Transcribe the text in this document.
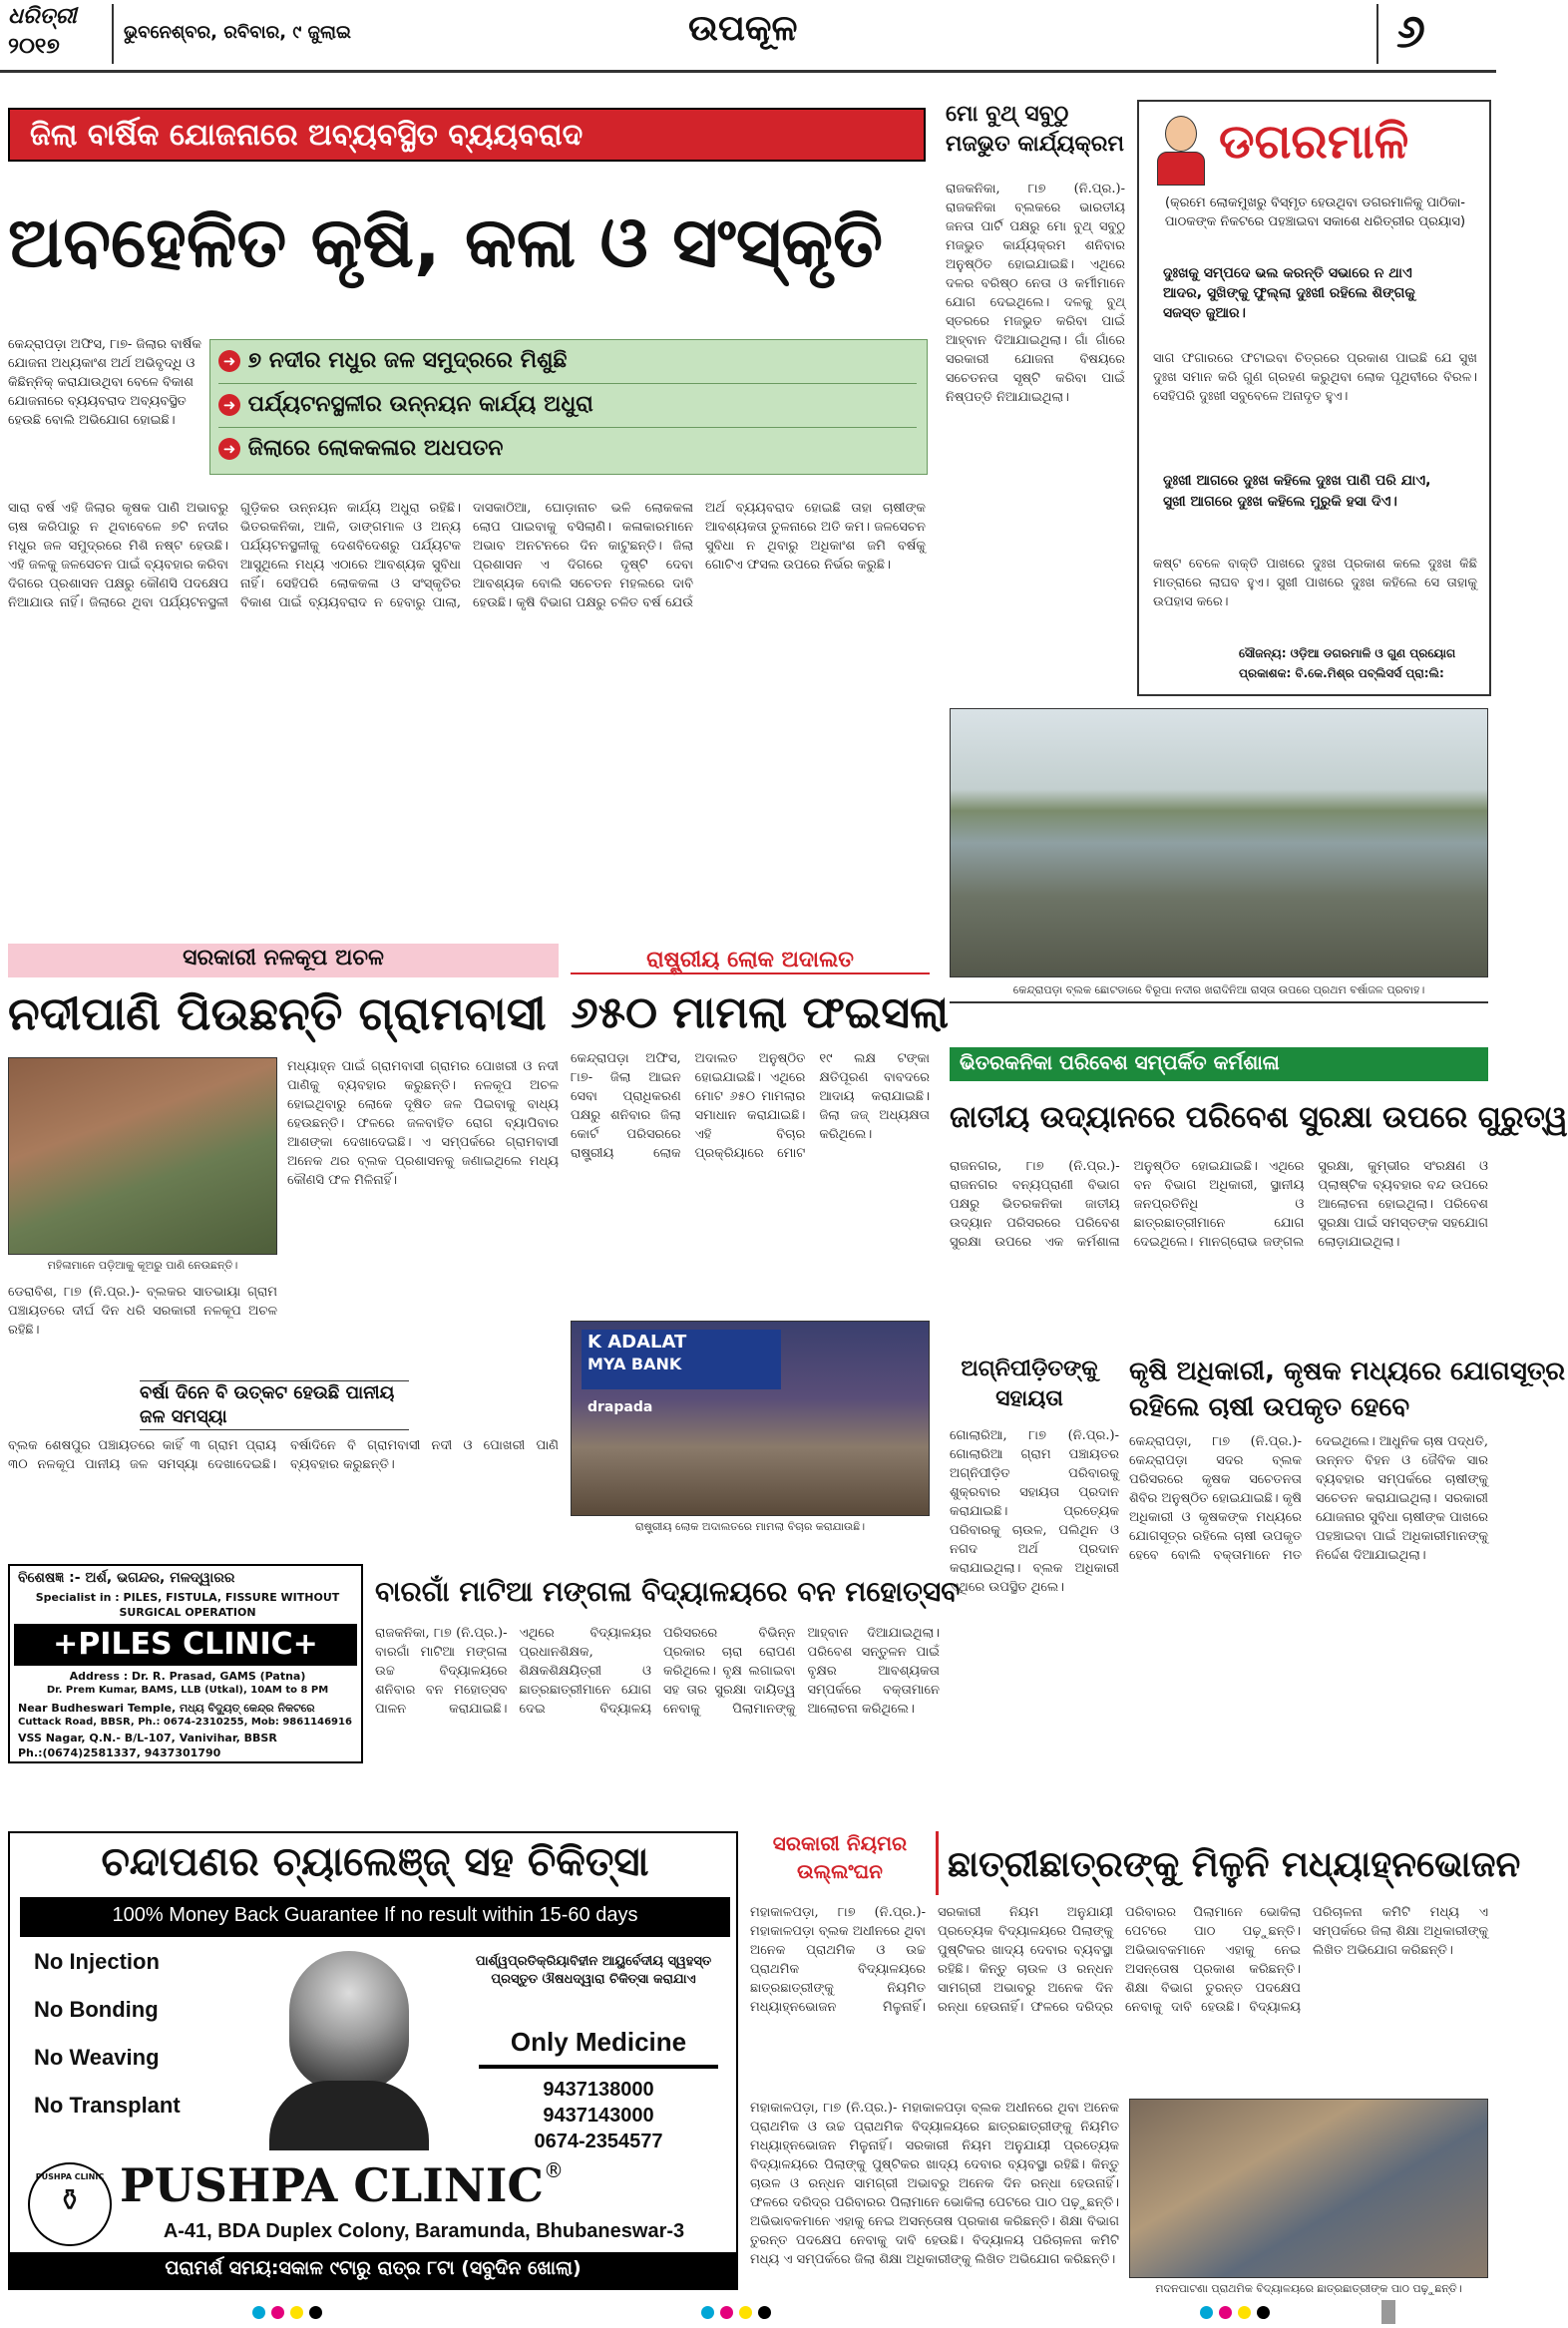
ଧରିତ୍ରୀ
୨୦୧୭
ଭୁବନେଶ୍ବର, ରବିବାର, ୯ ଜୁଲାଇ	ଉପକୂଳ	୬
ଜିଲା ବାର୍ଷିକ ଯୋଜନାରେ ଅବ୍ୟବସ୍ଥିତ ବ୍ୟୟବରାଦ
ଅବହେଳିତ କୃଷି, କଳା ଓ ସଂସ୍କୃତି
କେନ୍ଦ୍ରାପଡ଼ା ଅଫିସ, ୮ା୭- ଜିଲାର ବାର୍ଷିକ ଯୋଜନା ଅଧ୍ୟକାଂଶ ଅର୍ଥ ଅଭିବୃଦ୍ଧି ଓ କିଛିନ୍ନିକ୍ କରାଯାଉଥିବା ବେଳେ ବିକାଶ ଯୋଜନାରେ ବ୍ୟୟବରାଦ ଅବ୍ୟବସ୍ଥିତ ହେଉଛି ବୋଲି ଅଭିଯୋଗ ହୋଇଛି।
➜ ୭ ନଦୀର ମଧୁର ଜଳ ସମୁଦ୍ରରେ ମିଶୁଛି
➜ ପର୍ଯ୍ୟଟନସ୍ଥଳୀର ଉନ୍ନୟନ କାର୍ଯ୍ୟ ଅଧୁରା
➜ ଜିଲାରେ ଲୋକକଳାର ଅଧପତନ
ସାରା ବର୍ଷ ଏହି ଜିଲାର କୃଷକ ପାଣି ଅଭାବରୁ ଚାଷ କରିପାରୁ ନ ଥିବାବେଳେ ୭ଟି ନଦୀର ମଧୁର ଜଳ ସମୁଦ୍ରରେ ମିଶି ନଷ୍ଟ ହେଉଛି। ଏହି ଜଳକୁ ଜଳସେଚନ ପାଇଁ ବ୍ୟବହାର କରିବା ଦିଗରେ ପ୍ରଶାସନ ପକ୍ଷରୁ କୌଣସି ପଦକ୍ଷେପ ନିଆଯାଉ ନାହିଁ। ଜିଲାରେ ଥିବା ପର୍ଯ୍ୟଟନସ୍ଥଳୀ ଗୁଡ଼ିକର ଉନ୍ନୟନ କାର୍ଯ୍ୟ ଅଧୁରା ରହିଛି। ଭିତରକନିକା, ଆଳି, ଡାଙ୍ଗମାଳ ଓ ଅନ୍ୟ ପର୍ଯ୍ୟଟନସ୍ଥଳୀକୁ ଦେଶବିଦେଶରୁ ପର୍ଯ୍ୟଟକ ଆସୁଥିଲେ ମଧ୍ୟ ଏଠାରେ ଆବଶ୍ୟକ ସୁବିଧା ନାହିଁ। ସେହିପରି ଲୋକକଳା ଓ ସଂସ୍କୃତିର ବିକାଶ ପାଇଁ ବ୍ୟୟବରାଦ ନ ହେବାରୁ ପାଲା, ଦାସକାଠିଆ, ଘୋଡ଼ାନାଚ ଭଳି ଲୋକକଳା ଲୋପ ପାଇବାକୁ ବସିଲାଣି। କଳାକାରମାନେ ଅଭାବ ଅନଟନରେ ଦିନ କାଟୁଛନ୍ତି। ଜିଲା ପ୍ରଶାସନ ଏ ଦିଗରେ ଦୃଷ୍ଟି ଦେବା ଆବଶ୍ୟକ ବୋଲି ସଚେତନ ମହଲରେ ଦାବି ହେଉଛି। କୃଷି ବିଭାଗ ପକ୍ଷରୁ ଚଳିତ ବର୍ଷ ଯେଉଁ ଅର୍ଥ ବ୍ୟୟବରାଦ ହୋଇଛି ତାହା ଚାଷୀଙ୍କ ଆବଶ୍ୟକତା ତୁଳନାରେ ଅତି କମ। ଜଳସେଚନ ସୁବିଧା ନ ଥିବାରୁ ଅଧିକାଂଶ ଜମି ବର୍ଷକୁ ଗୋଟିଏ ଫସଲ ଉପରେ ନିର୍ଭର କରୁଛି।
ମୋ ବୁଥ୍ ସବୁଠୁ ମଜଭୁତ କାର୍ଯ୍ୟକ୍ରମ
ରାଜକନିକା, ୮ା୭ (ନି.ପ୍ର.)- ରାଜକନିକା ବ୍ଲକରେ ଭାରତୀୟ ଜନତା ପାର୍ଟି ପକ୍ଷରୁ ମୋ ବୁଥ୍ ସବୁଠୁ ମଜଭୁତ କାର୍ଯ୍ୟକ୍ରମ ଶନିବାର ଅନୁଷ୍ଠିତ ହୋଇଯାଇଛି। ଏଥିରେ ଦଳର ବରିଷ୍ଠ ନେତା ଓ କର୍ମୀମାନେ ଯୋଗ ଦେଇଥିଲେ। ଦଳକୁ ବୁଥ୍ ସ୍ତରରେ ମଜଭୁତ କରିବା ପାଇଁ ଆହ୍ବାନ ଦିଆଯାଇଥିଲା। ଗାଁ ଗାଁରେ ସରକାରୀ ଯୋଜନା ବିଷୟରେ ସଚେତନତା ସୃଷ୍ଟି କରିବା ପାଇଁ ନିଷ୍ପତ୍ତି ନିଆଯାଇଥିଲା।
ଡଗରମାଳି
(କ୍ରମେ ଲୋକମୁଖରୁ ବିସ୍ମୃତ ହେଉଥିବା ଡଗରମାଳିକୁ ପାଠିକା-ପାଠକଙ୍କ ନିକଟରେ ପହଞ୍ଚାଇବା ସକାଶେ ଧରିତ୍ରୀର ପ୍ରୟାସ)
ଦୁଃଖକୁ ସମ୍ପଦେ ଭଲ କରନ୍ତି ସଭାରେ ନ ଥାଏ ଆଦର, ସୁଖିଙ୍କୁ ଫୁଲ୍ଲା ଦୁଃଖୀ ରହିଲେ ଶିଙ୍ଗକୁ ସଜସ୍ତ ଜୁଆର।
ସାଗ ଫଗାରରେ ଫଟାଇବା ଚିତ୍ରରେ ପ୍ରକାଶ ପାଇଛି ଯେ ସୁଖ ଦୁଃଖ ସମାନ କରି ଗୁଣ ଗ୍ରହଣ କରୁଥିବା ଲୋକ ପୃଥିବୀରେ ବିରଳ। ସେହିପରି ଦୁଃଖୀ ସବୁବେଳେ ଅନାଦୃତ ହୁଏ।
ଦୁଃଖୀ ଆଗରେ ଦୁଃଖ କହିଲେ ଦୁଃଖ ପାଣି ପରି ଯାଏ, ସୁଖୀ ଆଗରେ ଦୁଃଖ କହିଲେ ମୁରୁକି ହସା ଦିଏ।
କଷ୍ଟ ବେଳେ ବାକ୍ତି ପାଖରେ ଦୁଃଖ ପ୍ରକାଶ କଲେ ଦୁଃଖ କିଛି ମାତ୍ରାରେ ଲାଘବ ହୁଏ। ସୁଖୀ ପାଖରେ ଦୁଃଖ କହିଲେ ସେ ତାହାକୁ ଉପହାସ କରେ।
ସୌଜନ୍ୟ: ଓଡ଼ିଆ ଡଗରମାଳି ଓ ଗୁଣ ପ୍ରୟୋଗ
ପ୍ରକାଶକ: ବି.କେ.ମିଶ୍ର ପବ୍ଲିସର୍ସ ପ୍ରା:ଲି:
କେନ୍ଦ୍ରାପଡ଼ା ବ୍ଲକ ଛୋଟଡାରେ ବିରୂପା ନଦୀର ଖରାଦିନିଆ ରାସ୍ତା ଉପରେ ପ୍ରଥମ ବର୍ଷାଜଳ ପ୍ରବାହ।
ସରକାରୀ ନଳକୂପ ଅଚଳ
ନଦୀପାଣି ପିଉଛନ୍ତି ଗ୍ରାମବାସୀ
ମହିଳାମାନେ ପଡ଼ିଆକୁ କୂଅରୁ ପାଣି ନେଉଛନ୍ତି।
ମଧ୍ୟାହ୍ନ ପାଇଁ ଗ୍ରାମବାସୀ ଗ୍ରାମର ପୋଖରୀ ଓ ନଦୀ ପାଣିକୁ ବ୍ୟବହାର କରୁଛନ୍ତି। ନଳକୂପ ଅଚଳ ହୋଇଥିବାରୁ ଲୋକେ ଦୂଷିତ ଜଳ ପିଇବାକୁ ବାଧ୍ୟ ହେଉଛନ୍ତି। ଫଳରେ ଜଳବାହିତ ରୋଗ ବ୍ୟାପିବାର ଆଶଙ୍କା ଦେଖାଦେଇଛି। ଏ ସମ୍ପର୍କରେ ଗ୍ରାମବାସୀ ଅନେକ ଥର ବ୍ଲକ ପ୍ରଶାସନକୁ ଜଣାଇଥିଲେ ମଧ୍ୟ କୌଣସି ଫଳ ମିଳିନାହିଁ।
ଡେରାବିଶ, ୮ା୭ (ନି.ପ୍ର.)- ବ୍ଲକର ସାତଭାୟା ଗ୍ରାମ ପଞ୍ଚାୟତରେ ଦୀର୍ଘ ଦିନ ଧରି ସରକାରୀ ନଳକୂପ ଅଚଳ ରହିଛି।
ବର୍ଷା ଦିନେ ବି ଉତ୍କଟ ହେଉଛି ପାନୀୟ ଜଳ ସମସ୍ୟା
ବ୍ଲକ ଶେଷପୁର ପଞ୍ଚାୟତରେ କାହିଁ ୩ ଗ୍ରାମ ପ୍ରାୟ ୩୦ ନଳକୂପ ପାନୀୟ ଜଳ ସମସ୍ୟା ଦେଖାଦେଇଛି। ବର୍ଷାଦିନେ ବି ଗ୍ରାମବାସୀ ନଦୀ ଓ ପୋଖରୀ ପାଣି ବ୍ୟବହାର କରୁଛନ୍ତି।
ରାଷ୍ଟ୍ରୀୟ ଲୋକ ଅଦାଲତ
୬୫୦ ମାମଲା ଫଇସଲା
କେନ୍ଦ୍ରାପଡ଼ା ଅଫିସ, ୮ା୭- ଜିଲା ଆଇନ ସେବା ପ୍ରାଧିକରଣ ପକ୍ଷରୁ ଶନିବାର ଜିଲା କୋର୍ଟ ପରିସରରେ ରାଷ୍ଟ୍ରୀୟ ଲୋକ ଅଦାଲତ ଅନୁଷ୍ଠିତ ହୋଇଯାଇଛି। ଏଥିରେ ମୋଟ ୬୫୦ ମାମଲାର ସମାଧାନ କରାଯାଇଛି। ଏହି ବିଚାର ପ୍ରକ୍ରିୟାରେ ମୋଟ ୧୯ ଲକ୍ଷ ଟଙ୍କା କ୍ଷତିପୂରଣ ବାବଦରେ ଆଦାୟ କରାଯାଇଛି। ଜିଲା ଜଜ୍ ଅଧ୍ୟକ୍ଷତା କରିଥିଲେ।
K ADALAT
MYA BANK
drapada
ରାଷ୍ଟ୍ରୀୟ ଲୋକ ଅଦାଲତରେ ମାମଲା ବିଚାର କରାଯାଉଛି।
ଭିତରକନିକା ପରିବେଶ ସମ୍ପର୍କିତ କର୍ମଶାଳା
ଜାତୀୟ ଉଦ୍ୟାନରେ ପରିବେଶ ସୁରକ୍ଷା ଉପରେ ଗୁରୁତ୍ୱ
ରାଜନଗର, ୮ା୭ (ନି.ପ୍ର.)- ରାଜନଗର ବନ୍ୟପ୍ରାଣୀ ବିଭାଗ ପକ୍ଷରୁ ଭିତରକନିକା ଜାତୀୟ ଉଦ୍ୟାନ ପରିସରରେ ପରିବେଶ ସୁରକ୍ଷା ଉପରେ ଏକ କର୍ମଶାଳା ଅନୁଷ୍ଠିତ ହୋଇଯାଇଛି। ଏଥିରେ ବନ ବିଭାଗ ଅଧିକାରୀ, ସ୍ଥାନୀୟ ଜନପ୍ରତିନିଧି ଓ ଛାତ୍ରଛାତ୍ରୀମାନେ ଯୋଗ ଦେଇଥିଲେ। ମାନଗ୍ରୋଭ ଜଙ୍ଗଲ ସୁରକ୍ଷା, କୁମ୍ଭୀର ସଂରକ୍ଷଣ ଓ ପ୍ଲାଷ୍ଟିକ ବ୍ୟବହାର ବନ୍ଦ ଉପରେ ଆଲୋଚନା ହୋଇଥିଲା। ପରିବେଶ ସୁରକ୍ଷା ପାଇଁ ସମସ୍ତଙ୍କ ସହଯୋଗ ଲୋଡ଼ାଯାଇଥିଲା।
ଅଗ୍ନିପୀଡ଼ିତଙ୍କୁ ସହାୟତା
ଗୋଲାରିଆ, ୮ା୭ (ନି.ପ୍ର.)- ଗୋଲାରିଆ ଗ୍ରାମ ପଞ୍ଚାୟତର ଅଗ୍ନିପୀଡ଼ିତ ପରିବାରକୁ ଶୁକ୍ରବାର ସହାୟତା ପ୍ରଦାନ କରାଯାଇଛି। ପ୍ରତ୍ୟେକ ପରିବାରକୁ ଚାଉଳ, ପଲିଥିନ ଓ ନଗଦ ଅର୍ଥ ପ୍ରଦାନ କରାଯାଇଥିଲା। ବ୍ଲକ ଅଧିକାରୀ ଏଥିରେ ଉପସ୍ଥିତ ଥିଲେ।
କୃଷି ଅଧିକାରୀ, କୃଷକ ମଧ୍ୟରେ ଯୋଗସୂତ୍ର
ରହିଲେ ଚାଷୀ ଉପକୃତ ହେବେ
କେନ୍ଦ୍ରାପଡ଼ା, ୮ା୭ (ନି.ପ୍ର.)- କେନ୍ଦ୍ରାପଡ଼ା ସଦର ବ୍ଲକ ପରିସରରେ କୃଷକ ସଚେତନତା ଶିବିର ଅନୁଷ୍ଠିତ ହୋଇଯାଇଛି। କୃଷି ଅଧିକାରୀ ଓ କୃଷକଙ୍କ ମଧ୍ୟରେ ଯୋଗସୂତ୍ର ରହିଲେ ଚାଷୀ ଉପକୃତ ହେବେ ବୋଲି ବକ୍ତାମାନେ ମତ ଦେଇଥିଲେ। ଆଧୁନିକ ଚାଷ ପଦ୍ଧତି, ଉନ୍ନତ ବିହନ ଓ ଜୈବିକ ସାର ବ୍ୟବହାର ସମ୍ପର୍କରେ ଚାଷୀଙ୍କୁ ସଚେତନ କରାଯାଇଥିଲା। ସରକାରୀ ଯୋଜନାର ସୁବିଧା ଚାଷୀଙ୍କ ପାଖରେ ପହଞ୍ଚାଇବା ପାଇଁ ଅଧିକାରୀମାନଙ୍କୁ ନିର୍ଦ୍ଦେଶ ଦିଆଯାଇଥିଲା।
ବିଶେଷଜ୍ଞ :- ଅର୍ଶ, ଭଗନ୍ଦର, ମଳଦ୍ୱାରର
Specialist in : PILES, FISTULA, FISSURE WITHOUT SURGICAL OPERATION
+PILES CLINIC+
Address : Dr. R. Prasad, GAMS (Patna)
Dr. Prem Kumar, BAMS, LLB (Utkal), 10AM to 8 PM
Near Budheswari Temple, ମଧ୍ୟ ବିଦ୍ୟୁତ୍ କେନ୍ଦ୍ର ନିକଟରେ
Cuttack Road, BBSR, Ph.: 0674-2310255, Mob: 9861146916
VSS Nagar, Q.N.- B/L-107, Vanivihar, BBSR
Ph.:(0674)2581337, 9437301790
ବାରଗାଁ ମାଟିଆ ମଙ୍ଗଳା ବିଦ୍ୟାଳୟରେ ବନ ମହୋତ୍ସବ
ରାଜକନିକା, ୮ା୭ (ନି.ପ୍ର.)- ବାରଗାଁ ମାଟିଆ ମଙ୍ଗଳା ଉଚ୍ଚ ବିଦ୍ୟାଳୟରେ ଶନିବାର ବନ ମହୋତ୍ସବ ପାଳନ କରାଯାଇଛି। ଏଥିରେ ବିଦ୍ୟାଳୟର ପ୍ରଧାନଶିକ୍ଷକ, ଶିକ୍ଷକଶିକ୍ଷୟିତ୍ରୀ ଓ ଛାତ୍ରଛାତ୍ରୀମାନେ ଯୋଗ ଦେଇ ବିଦ୍ୟାଳୟ ପରିସରରେ ବିଭିନ୍ନ ପ୍ରକାର ଚାରା ରୋପଣ କରିଥିଲେ। ବୃକ୍ଷ ଲଗାଇବା ସହ ତାର ସୁରକ୍ଷା ଦାୟିତ୍ୱ ନେବାକୁ ପିଲାମାନଙ୍କୁ ଆହ୍ବାନ ଦିଆଯାଇଥିଲା। ପରିବେଶ ସନ୍ତୁଳନ ପାଇଁ ବୃକ୍ଷର ଆବଶ୍ୟକତା ସମ୍ପର୍କରେ ବକ୍ତାମାନେ ଆଲୋଚନା କରିଥିଲେ।
ଚନ୍ଦାପଣର ଚ୍ୟାଲେଞ୍ଜ୍ ସହ ଚିକିତ୍ସା
100% Money Back Guarantee If no result within 15-60 days
No Injection
No Bonding
No Weaving
No Transplant
ପାର୍ଶ୍ୱପ୍ରତିକ୍ରିୟାବିହୀନ ଆୟୁର୍ବେଦୀୟ ସ୍ୱହସ୍ତ ପ୍ରସ୍ତୁତ ଔଷଧଦ୍ୱାରା ଚିକିତ୍ସା କରାଯାଏ
Only Medicine
9437138000
9437143000
0674-2354577
PUSHPA CLINIC
⚱ PUSHPA CLINIC®
A-41, BDA Duplex Colony, Baramunda, Bhubaneswar-3
ପରାମର୍ଶ ସମୟ:ସକାଳ ୯ଟାରୁ ରାତ୍ର ୮ଟା (ସବୁଦିନ ଖୋଲା)
ସରକାରୀ ନିୟମର ଉଲ୍ଲଂଘନ	ଛାତ୍ରୀଛାତ୍ରଙ୍କୁ ମିଳୁନି ମଧ୍ୟାହ୍ନଭୋଜନ
ମହାକାଳପଡ଼ା, ୮ା୭ (ନି.ପ୍ର.)- ମହାକାଳପଡ଼ା ବ୍ଲକ ଅଧୀନରେ ଥିବା ଅନେକ ପ୍ରାଥମିକ ଓ ଉଚ୍ଚ ପ୍ରାଥମିକ ବିଦ୍ୟାଳୟରେ ଛାତ୍ରଛାତ୍ରୀଙ୍କୁ ନିୟମିତ ମଧ୍ୟାହ୍ନଭୋଜନ ମିଳୁନାହିଁ। ସରକାରୀ ନିୟମ ଅନୁଯାୟୀ ପ୍ରତ୍ୟେକ ବିଦ୍ୟାଳୟରେ ପିଲାଙ୍କୁ ପୁଷ୍ଟିକର ଖାଦ୍ୟ ଦେବାର ବ୍ୟବସ୍ଥା ରହିଛି। କିନ୍ତୁ ଚାଉଳ ଓ ରନ୍ଧନ ସାମଗ୍ରୀ ଅଭାବରୁ ଅନେକ ଦିନ ରନ୍ଧା ହେଉନାହିଁ। ଫଳରେ ଦରିଦ୍ର ପରିବାରର ପିଲାମାନେ ଭୋକିଲା ପେଟରେ ପାଠ ପଢ଼ୁଛନ୍ତି। ଅଭିଭାବକମାନେ ଏହାକୁ ନେଇ ଅସନ୍ତୋଷ ପ୍ରକାଶ କରିଛନ୍ତି। ଶିକ୍ଷା ବିଭାଗ ତୁରନ୍ତ ପଦକ୍ଷେପ ନେବାକୁ ଦାବି ହେଉଛି। ବିଦ୍ୟାଳୟ ପରିଚାଳନା କମିଟି ମଧ୍ୟ ଏ ସମ୍ପର୍କରେ ଜିଲା ଶିକ୍ଷା ଅଧିକାରୀଙ୍କୁ ଲିଖିତ ଅଭିଯୋଗ କରିଛନ୍ତି।
ମହାକାଳପଡ଼ା, ୮ା୭ (ନି.ପ୍ର.)- ମହାକାଳପଡ଼ା ବ୍ଲକ ଅଧୀନରେ ଥିବା ଅନେକ ପ୍ରାଥମିକ ଓ ଉଚ୍ଚ ପ୍ରାଥମିକ ବିଦ୍ୟାଳୟରେ ଛାତ୍ରଛାତ୍ରୀଙ୍କୁ ନିୟମିତ ମଧ୍ୟାହ୍ନଭୋଜନ ମିଳୁନାହିଁ। ସରକାରୀ ନିୟମ ଅନୁଯାୟୀ ପ୍ରତ୍ୟେକ ବିଦ୍ୟାଳୟରେ ପିଲାଙ୍କୁ ପୁଷ୍ଟିକର ଖାଦ୍ୟ ଦେବାର ବ୍ୟବସ୍ଥା ରହିଛି। କିନ୍ତୁ ଚାଉଳ ଓ ରନ୍ଧନ ସାମଗ୍ରୀ ଅଭାବରୁ ଅନେକ ଦିନ ରନ୍ଧା ହେଉନାହିଁ। ଫଳରେ ଦରିଦ୍ର ପରିବାରର ପିଲାମାନେ ଭୋକିଲା ପେଟରେ ପାଠ ପଢ଼ୁଛନ୍ତି। ଅଭିଭାବକମାନେ ଏହାକୁ ନେଇ ଅସନ୍ତୋଷ ପ୍ରକାଶ କରିଛନ୍ତି। ଶିକ୍ଷା ବିଭାଗ ତୁରନ୍ତ ପଦକ୍ଷେପ ନେବାକୁ ଦାବି ହେଉଛି। ବିଦ୍ୟାଳୟ ପରିଚାଳନା କମିଟି ମଧ୍ୟ ଏ ସମ୍ପର୍କରେ ଜିଲା ଶିକ୍ଷା ଅଧିକାରୀଙ୍କୁ ଲିଖିତ ଅଭିଯୋଗ କରିଛନ୍ତି।
ମଦନପାଟଣା ପ୍ରାଥମିକ ବିଦ୍ୟାଳୟରେ ଛାତ୍ରଛାତ୍ରୀଙ୍କ ପାଠ ପଢ଼ୁଛନ୍ତି।
